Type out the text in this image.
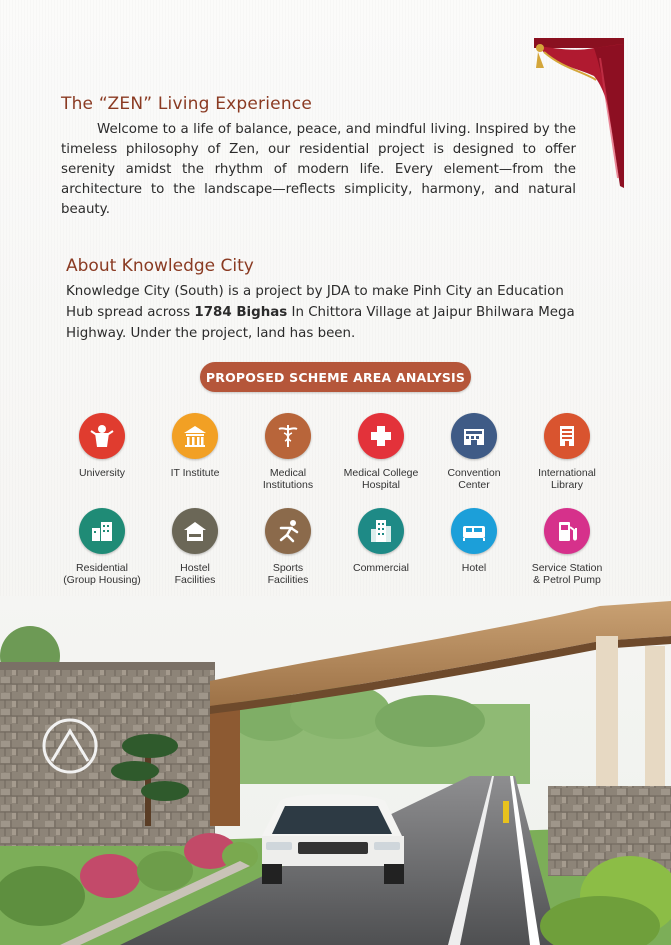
The “ZEN” Living Experience

Welcome to a life of balance, peace, and mindful living. Inspired by the timeless philosophy of Zen, our residential project is designed to offer serenity amidst the rhythm of modern life. Every element—from the architecture to the landscape—reflects simplicity, harmony, and natural beauty.

About Knowledge City

Knowledge City (South) is a project by JDA to make Pinh City an Education Hub spread across 1784 Bighas In Chittora Village at Jaipur Bhilwara Mega Highway. Under the project, land has been.

PROPOSED SCHEME AREA ANALYSIS
University	IT Institute	Medical
Institutions
Medical College
Hospital
Convention
Center
International
Library
Residential
(Group Housing)
Hostel
Facilities
Sports
Facilities
Commercial	Hotel	Service Station
& Petrol Pump
